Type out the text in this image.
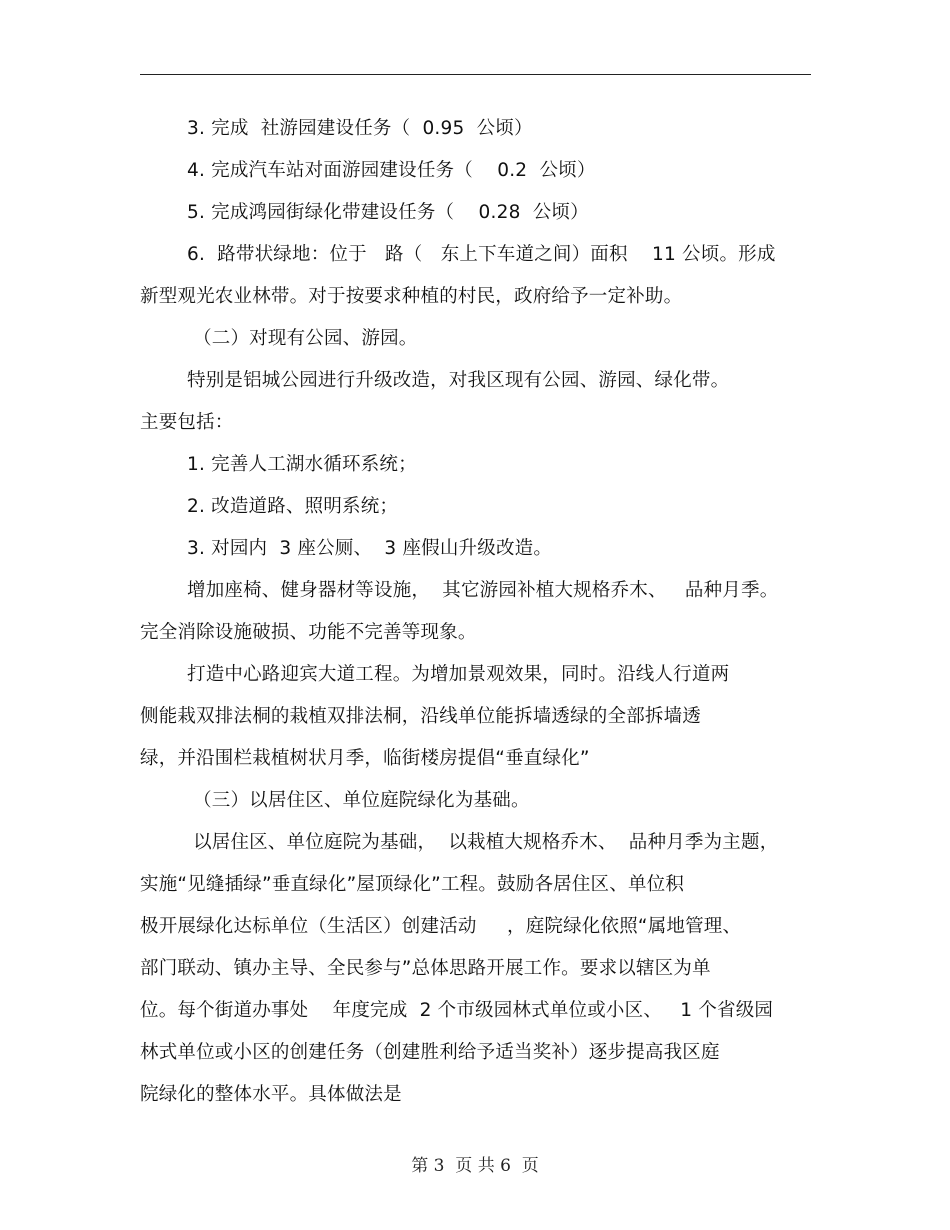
3. 完成  社游园建设任务（  0.95  公顷）
4. 完成汽车站对面游园建设任务（    0.2  公顷）
5. 完成鸿园街绿化带建设任务（    0.28  公顷）
6.  路带状绿地：位于   路（   东上下车道之间）面积    11 公顷。形成
新型观光农业林带。对于按要求种植的村民，政府给予一定补助。
（二）对现有公园、游园。
特别是铝城公园进行升级改造，对我区现有公园、游园、绿化带。
主要包括：
1. 完善人工湖水循环系统；
2. 改造道路、照明系统；
3. 对园内  3 座公厕、  3 座假山升级改造。
增加座椅、健身器材等设施，  其它游园补植大规格乔木、   品种月季。
完全消除设施破损、功能不完善等现象。
打造中心路迎宾大道工程。为增加景观效果，同时。沿线人行道两
侧能栽双排法桐的栽植双排法桐，沿线单位能拆墙透绿的全部拆墙透
绿，并沿围栏栽植树状月季，临街楼房提倡“垂直绿化”
（三）以居住区、单位庭院绿化为基础。
以居住区、单位庭院为基础，  以栽植大规格乔木、  品种月季为主题，
实施“见缝插绿”垂直绿化”屋顶绿化”工程。鼓励各居住区、单位积
极开展绿化达标单位（生活区）创建活动     ，庭院绿化依照“属地管理、
部门联动、镇办主导、全民参与”总体思路开展工作。要求以辖区为单
位。每个街道办事处    年度完成  2 个市级园林式单位或小区、   1 个省级园
林式单位或小区的创建任务（创建胜利给予适当奖补）逐步提高我区庭
院绿化的整体水平。具体做法是
第 3  页 共 6  页
